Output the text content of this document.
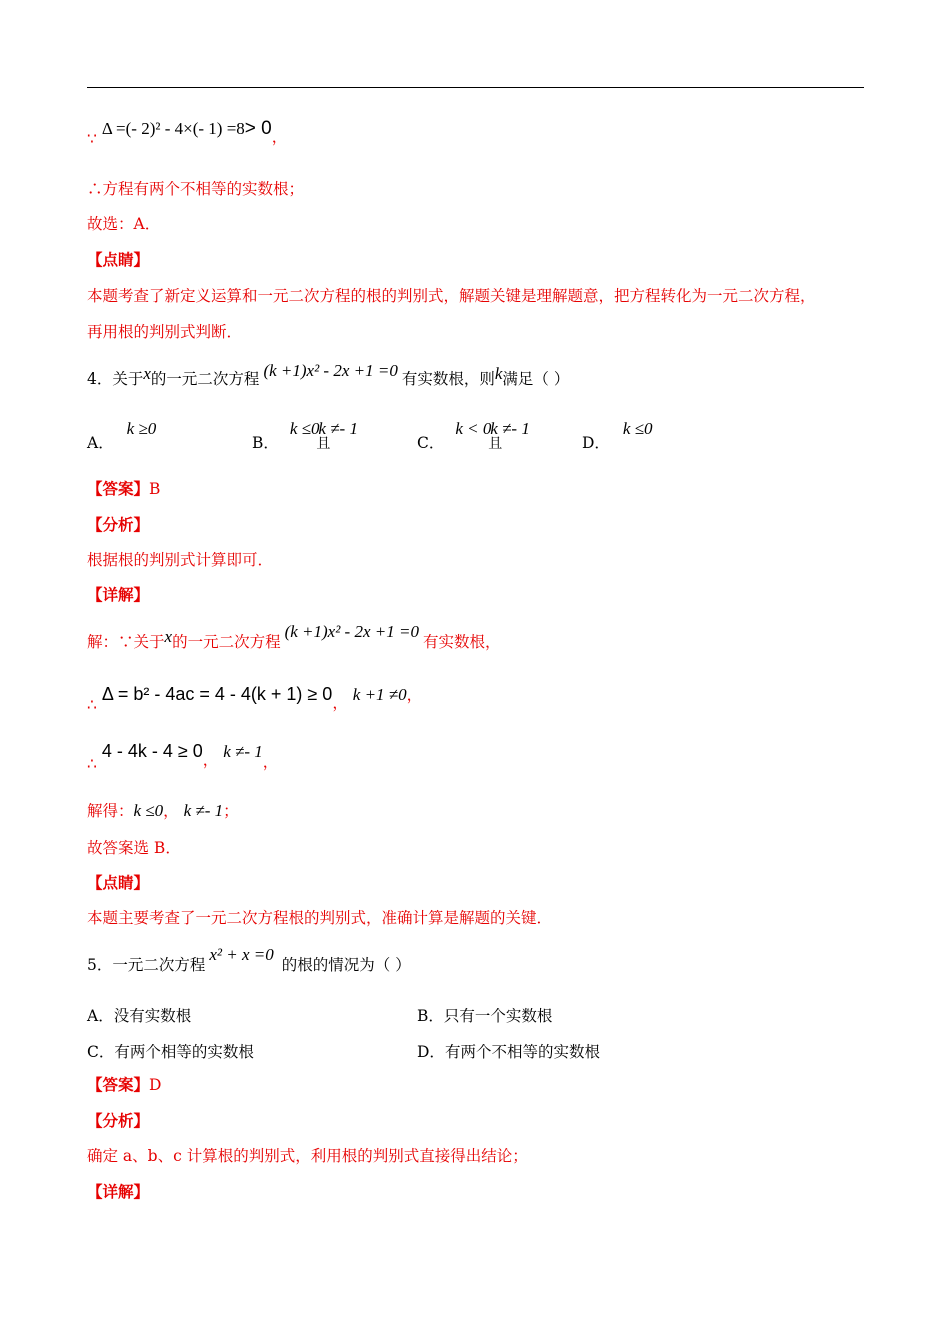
∵ Δ =(- 2)² - 4×(- 1) =8> 0，
∴方程有两个不相等的实数根；
故选：A．
【点睛】
本题考查了新定义运算和一元二次方程的根的判别式，解题关键是理解题意，把方程转化为一元二次方程，
再用根的判别式判断．
4．关于x的一元二次方程 (k +1)x² - 2x +1 =0 有实数根，则k满足（ ）
A． k ≥0
B． k ≤0 且k ≠- 1
C． k < 0 且k ≠- 1
D． k ≤0
【答案】B
【分析】
根据根的判别式计算即可．
【详解】
解：∵关于x的一元二次方程(k +1)x² - 2x +1 =0有实数根，
∴ Δ = b² - 4ac = 4 - 4(k + 1) ≥ 0， k +1 ≠0，
∴ 4 - 4k - 4 ≥ 0， k ≠- 1，
解得：k ≤0， k ≠- 1；
故答案选 B．
【点睛】
本题主要考查了一元二次方程根的判别式，准确计算是解题的关键．
5．一元二次方程x² + x =0的根的情况为（ ）
A．没有实数根	B．只有一个实数根
C．有两个相等的实数根	D．有两个不相等的实数根
【答案】D
【分析】
确定 a、b、c 计算根的判别式，利用根的判别式直接得出结论；
【详解】
